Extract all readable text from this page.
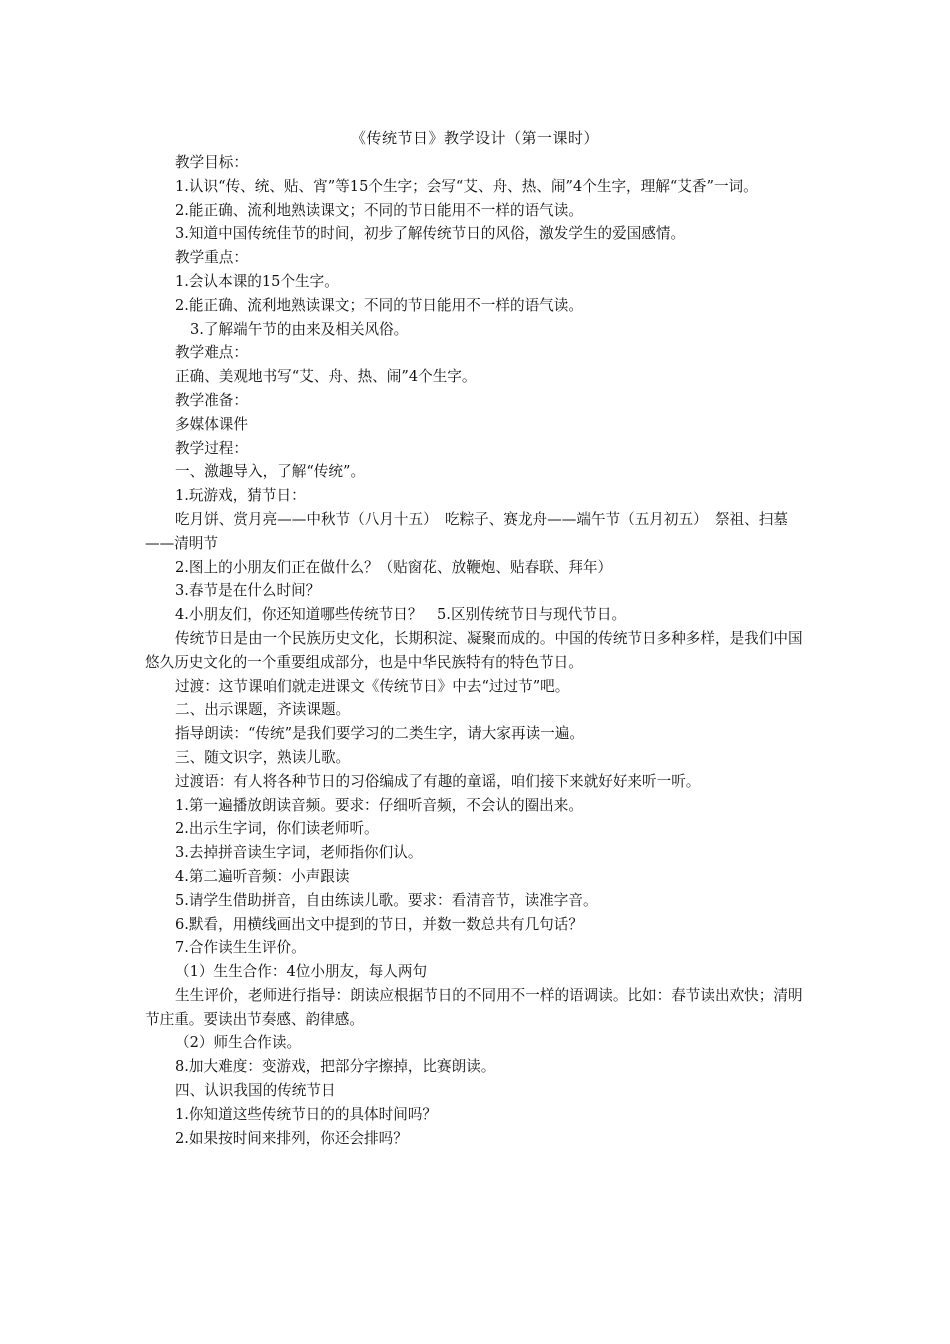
《传统节日》教学设计（第一课时）

教学目标：

1.认识“传、统、贴、宵”等15个生字；会写“艾、舟、热、闹”4个生字，理解“艾香”一词。

2.能正确、流利地熟读课文；不同的节日能用不一样的语气读。

3.知道中国传统佳节的时间，初步了解传统节日的风俗，激发学生的爱国感情。

教学重点：

1.会认本课的15个生字。

2.能正确、流利地熟读课文；不同的节日能用不一样的语气读。

3.了解端午节的由来及相关风俗。

教学难点：

正确、美观地书写“艾、舟、热、闹”4个生字。

教学准备：

多媒体课件

教学过程：

一、激趣导入，了解“传统”。

1.玩游戏，猜节日：

吃月饼、赏月亮——中秋节（八月十五）　吃粽子、赛龙舟——端午节（五月初五）　祭祖、扫墓——清明节

2.图上的小朋友们正在做什么？（贴窗花、放鞭炮、贴春联、拜年）

3.春节是在什么时间？

4.小朋友们，你还知道哪些传统节日？　5.区别传统节日与现代节日。

传统节日是由一个民族历史文化，长期积淀、凝聚而成的。中国的传统节日多种多样，是我们中国悠久历史文化的一个重要组成部分，也是中华民族特有的特色节日。

过渡：这节课咱们就走进课文《传统节日》中去“过过节”吧。

二、出示课题，齐读课题。

指导朗读：“传统”是我们要学习的二类生字，请大家再读一遍。

三、随文识字，熟读儿歌。

过渡语：有人将各种节日的习俗编成了有趣的童谣，咱们接下来就好好来听一听。

1.第一遍播放朗读音频。要求：仔细听音频，不会认的圈出来。

2.出示生字词，你们读老师听。

3.去掉拼音读生字词，老师指你们认。

4.第二遍听音频：小声跟读

5.请学生借助拼音，自由练读儿歌。要求：看清音节，读准字音。

6.默看，用横线画出文中提到的节日，并数一数总共有几句话？

7.合作读生生评价。

（1）生生合作：4位小朋友，每人两句

生生评价，老师进行指导：朗读应根据节日的不同用不一样的语调读。比如：春节读出欢快；清明节庄重。要读出节奏感、韵律感。

（2）师生合作读。

8.加大难度：变游戏，把部分字擦掉，比赛朗读。

四、认识我国的传统节日

1.你知道这些传统节日的的具体时间吗？

2.如果按时间来排列，你还会排吗？
